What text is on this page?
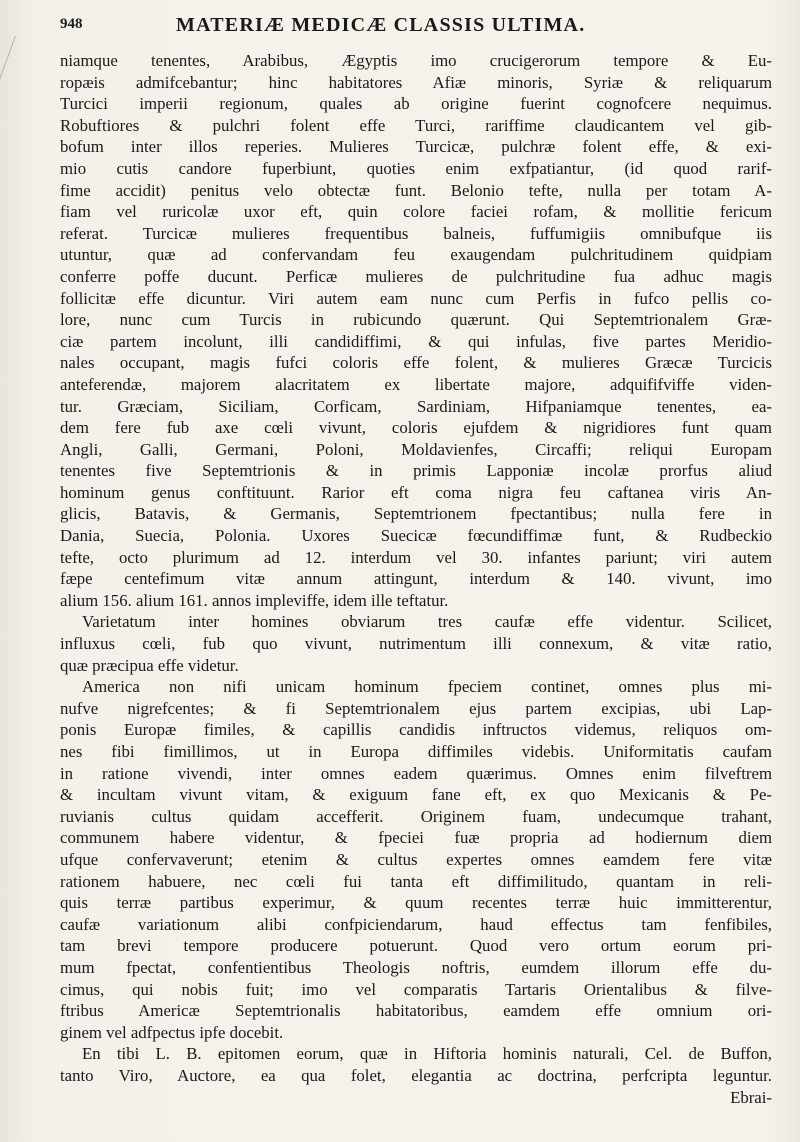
948	MATERIÆ MEDICÆ CLASSIS ULTIMA.
niamque tenentes, Arabibus, Ægyptis imo crucigerorum tempore & Eu-
ropæis admifcebantur; hinc habitatores Afiæ minoris, Syriæ & reliquarum
Turcici imperii regionum, quales ab origine fuerint cognofcere nequimus.
Robuftiores & pulchri folent effe Turci, rariffime claudicantem vel gib-
bofum inter illos reperies. Mulieres Turcicæ, pulchræ folent effe, & exi-
mio cutis candore fuperbiunt, quoties enim exfpatiantur, (id quod rarif-
fime accidit) penitus velo obtectæ funt. Belonio tefte, nulla per totam A-
fiam vel ruricolæ uxor eft, quin colore faciei rofam, & mollitie fericum
referat. Turcicæ mulieres frequentibus balneis, fuffumigiis omnibufque iis
utuntur, quæ ad confervandam feu exaugendam pulchritudinem quidpiam
conferre poffe ducunt. Perficæ mulieres de pulchritudine fua adhuc magis
follicitæ effe dicuntur. Viri autem eam nunc cum Perfis in fufco pellis co-
lore, nunc cum Turcis in rubicundo quærunt. Qui Septemtrionalem Græ-
ciæ partem incolunt, illi candidiffimi, & qui infulas, five partes Meridio-
nales occupant, magis fufci coloris effe folent, & mulieres Græcæ Turcicis
anteferendæ, majorem alacritatem ex libertate majore, adquififviffe viden-
tur. Græciam, Siciliam, Corficam, Sardiniam, Hifpaniamque tenentes, ea-
dem fere fub axe cœli vivunt, coloris ejufdem & nigridiores funt quam
Angli, Galli, Germani, Poloni, Moldavienfes, Circaffi; reliqui Europam
tenentes five Septemtrionis & in primis Lapponiæ incolæ prorfus aliud
hominum genus conftituunt. Rarior eft coma nigra feu caftanea viris An-
glicis, Batavis, & Germanis, Septemtrionem fpectantibus; nulla fere in
Dania, Suecia, Polonia. Uxores Suecicæ fœcundiffimæ funt, & Rudbeckio
tefte, octo plurimum ad 12. interdum vel 30. infantes pariunt; viri autem
fæpe centefimum vitæ annum attingunt, interdum & 140. vivunt, imo
alium 156. alium 161. annos impleviffe, idem ille teftatur.
Varietatum inter homines obviarum tres caufæ effe videntur. Scilicet,
influxus cœli, fub quo vivunt, nutrimentum illi connexum, & vitæ ratio,
quæ præcipua effe videtur.
America non nifi unicam hominum fpeciem continet, omnes plus mi-
nufve nigrefcentes; & fi Septemtrionalem ejus partem excipias, ubi Lap-
ponis Europæ fimiles, & capillis candidis inftructos videmus, reliquos om-
nes fibi fimillimos, ut in Europa diffimiles videbis. Uniformitatis caufam
in ratione vivendi, inter omnes eadem quærimus. Omnes enim filveftrem
& incultam vivunt vitam, & exiguum fane eft, ex quo Mexicanis & Pe-
ruvianis cultus quidam accefferit. Originem fuam, undecumque trahant,
communem habere videntur, & fpeciei fuæ propria ad hodiernum diem
ufque confervaverunt; etenim & cultus expertes omnes eamdem fere vitæ
rationem habuere, nec cœli fui tanta eft diffimilitudo, quantam in reli-
quis terræ partibus experimur, & quum recentes terræ huic immitterentur,
caufæ variationum alibi confpiciendarum, haud effectus tam fenfibiles,
tam brevi tempore producere potuerunt. Quod vero ortum eorum pri-
mum fpectat, confentientibus Theologis noftris, eumdem illorum effe du-
cimus, qui nobis fuit; imo vel comparatis Tartaris Orientalibus & filve-
ftribus Americæ Septemtrionalis habitatoribus, eamdem effe omnium ori-
ginem vel adfpectus ipfe docebit.
En tibi L. B. epitomen eorum, quæ in Hiftoria hominis naturali, Cel. de Buffon,
tanto Viro, Auctore, ea qua folet, elegantia ac doctrina, perfcripta leguntur.
Ebrai-
